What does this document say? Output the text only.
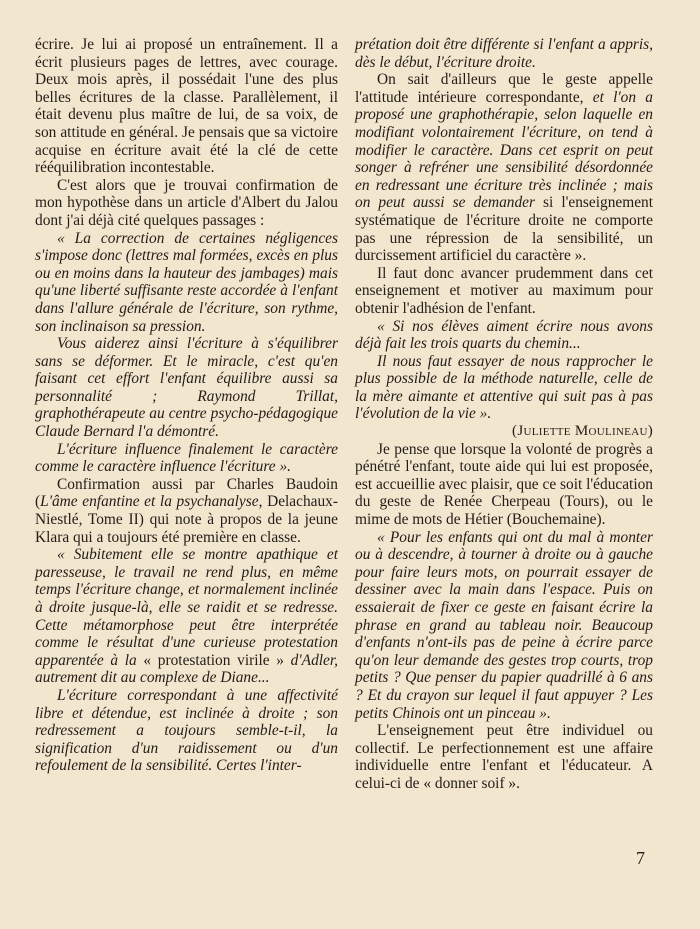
écrire. Je lui ai proposé un entraînement. Il a écrit plusieurs pages de lettres, avec courage. Deux mois après, il possédait l'une des plus belles écritures de la classe. Parallèlement, il était devenu plus maître de lui, de sa voix, de son attitude en général. Je pensais que sa victoire acquise en écriture avait été la clé de cette rééquilibration incontestable.

C'est alors que je trouvai confirmation de mon hypothèse dans un article d'Albert du Jalou dont j'ai déjà cité quelques passages :

« La correction de certaines négligences s'impose donc (lettres mal formées, excès en plus ou en moins dans la hauteur des jambages) mais qu'une liberté suffisante reste accordée à l'enfant dans l'allure générale de l'écriture, son rythme, son inclinaison sa pression.

Vous aiderez ainsi l'écriture à s'équilibrer sans se déformer. Et le miracle, c'est qu'en faisant cet effort l'enfant équilibre aussi sa personnalité ; Raymond Trillat, graphothérapeute au centre psycho-pédagogique Claude Bernard l'a démontré.

L'écriture influence finalement le caractère comme le caractère influence l'écriture ».

Confirmation aussi par Charles Baudoin (L'âme enfantine et la psychanalyse, Delachaux-Niestlé, Tome II) qui note à propos de la jeune Klara qui a toujours été première en classe.

« Subitement elle se montre apathique et paresseuse, le travail ne rend plus, en même temps l'écriture change, et normalement inclinée à droite jusque-là, elle se raidit et se redresse. Cette métamorphose peut être interprétée comme le résultat d'une curieuse protestation apparentée à la « protestation virile » d'Adler, autrement dit au complexe de Diane...

L'écriture correspondant à une affectivité libre et détendue, est inclinée à droite ; son redressement a toujours semble-t-il, la signification d'un raidissement ou d'un refoulement de la sensibilité. Certes l'inter-

prétation doit être différente si l'enfant a appris, dès le début, l'écriture droite.

On sait d'ailleurs que le geste appelle l'attitude intérieure correspondante, et l'on a proposé une graphothérapie, selon laquelle en modifiant volontairement l'écriture, on tend à modifier le caractère. Dans cet esprit on peut songer à refréner une sensibilité désordonnée en redressant une écriture très inclinée ; mais on peut aussi se demander si l'enseignement systématique de l'écriture droite ne comporte pas une répression de la sensibilité, un durcissement artificiel du caractère ».

Il faut donc avancer prudemment dans cet enseignement et motiver au maximum pour obtenir l'adhésion de l'enfant.

« Si nos élèves aiment écrire nous avons déjà fait les trois quarts du chemin...

Il nous faut essayer de nous rapprocher le plus possible de la méthode naturelle, celle de la mère aimante et attentive qui suit pas à pas l'évolution de la vie ».

(Juliette Moulineau)

Je pense que lorsque la volonté de progrès a pénétré l'enfant, toute aide qui lui est proposée, est accueillie avec plaisir, que ce soit l'éducation du geste de Renée Cherpeau (Tours), ou le mime de mots de Hétier (Bouchemaine).

« Pour les enfants qui ont du mal à monter ou à descendre, à tourner à droite ou à gauche pour faire leurs mots, on pourrait essayer de dessiner avec la main dans l'espace. Puis on essaierait de fixer ce geste en faisant écrire la phrase en grand au tableau noir. Beaucoup d'enfants n'ont-ils pas de peine à écrire parce qu'on leur demande des gestes trop courts, trop petits ? Que penser du papier quadrillé à 6 ans ? Et du crayon sur lequel il faut appuyer ? Les petits Chinois ont un pinceau ».

L'enseignement peut être individuel ou collectif. Le perfectionnement est une affaire individuelle entre l'enfant et l'éducateur. A celui-ci de « donner soif ».

7
